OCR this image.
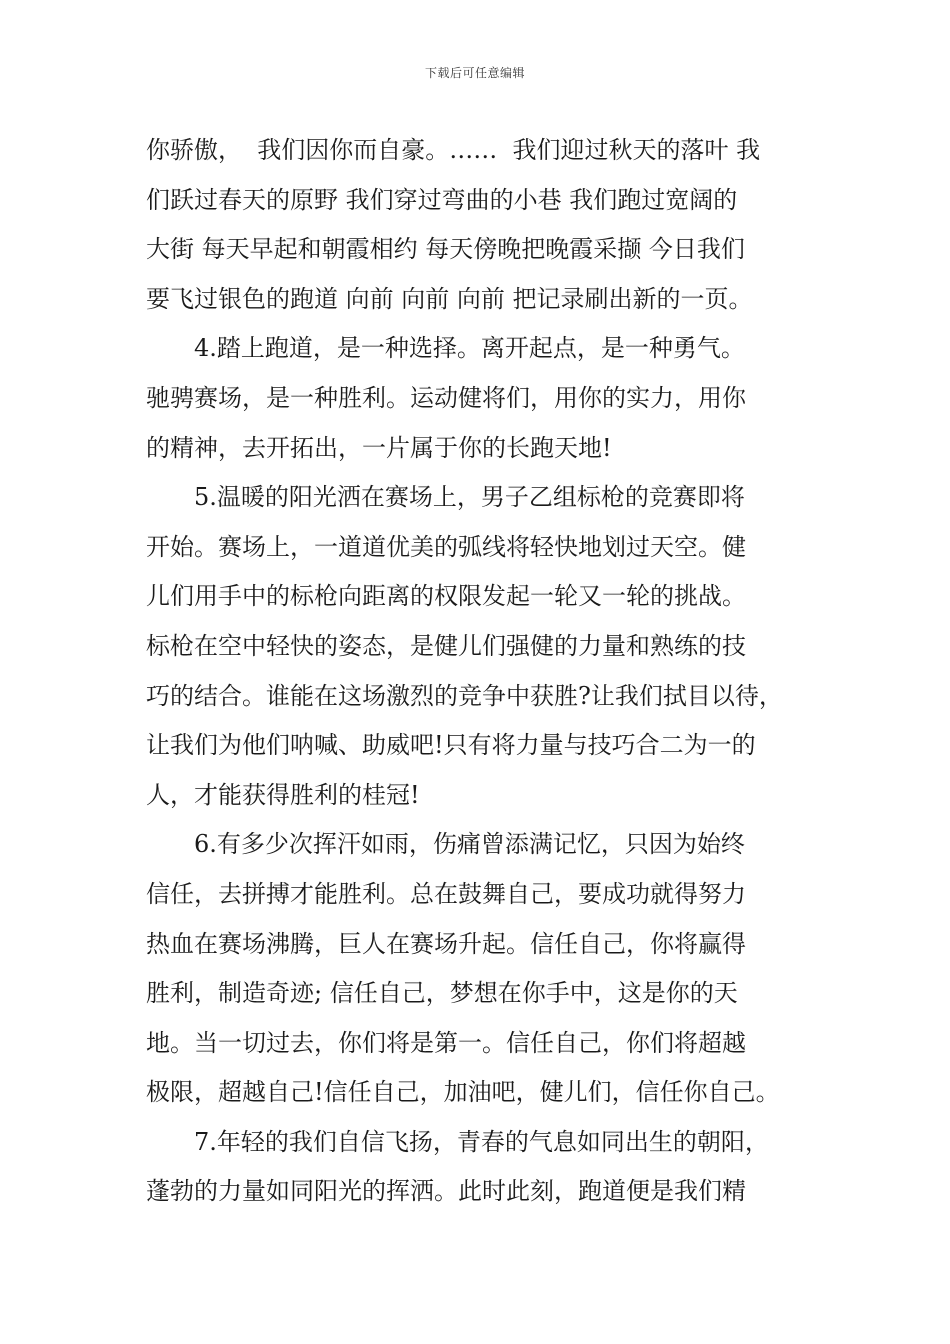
下载后可任意编辑
你骄傲，  我们因你而自豪。……  我们迎过秋天的落叶 我
们跃过春天的原野 我们穿过弯曲的小巷 我们跑过宽阔的
大街 每天早起和朝霞相约 每天傍晚把晚霞采撷 今日我们
要飞过银色的跑道 向前 向前 向前 把记录刷出新的一页。
4.踏上跑道，是一种选择。离开起点，是一种勇气。
驰骋赛场，是一种胜利。运动健将们，用你的实力，用你
的精神，去开拓出，一片属于你的长跑天地!
5.温暖的阳光洒在赛场上，男子乙组标枪的竞赛即将
开始。赛场上，一道道优美的弧线将轻快地划过天空。健
儿们用手中的标枪向距离的权限发起一轮又一轮的挑战。
标枪在空中轻快的姿态，是健儿们强健的力量和熟练的技
巧的结合。谁能在这场激烈的竞争中获胜?让我们拭目以待，
让我们为他们呐喊、助威吧!只有将力量与技巧合二为一的
人，才能获得胜利的桂冠!
6.有多少次挥汗如雨，伤痛曾添满记忆，只因为始终
信任，去拼搏才能胜利。总在鼓舞自己，要成功就得努力
热血在赛场沸腾，巨人在赛场升起。信任自己，你将赢得
胜利，制造奇迹; 信任自己，梦想在你手中，这是你的天
地。当一切过去，你们将是第一。信任自己，你们将超越
极限，超越自己!信任自己，加油吧，健儿们，信任你自己。
7.年轻的我们自信飞扬，青春的气息如同出生的朝阳，
蓬勃的力量如同阳光的挥洒。此时此刻，跑道便是我们精
